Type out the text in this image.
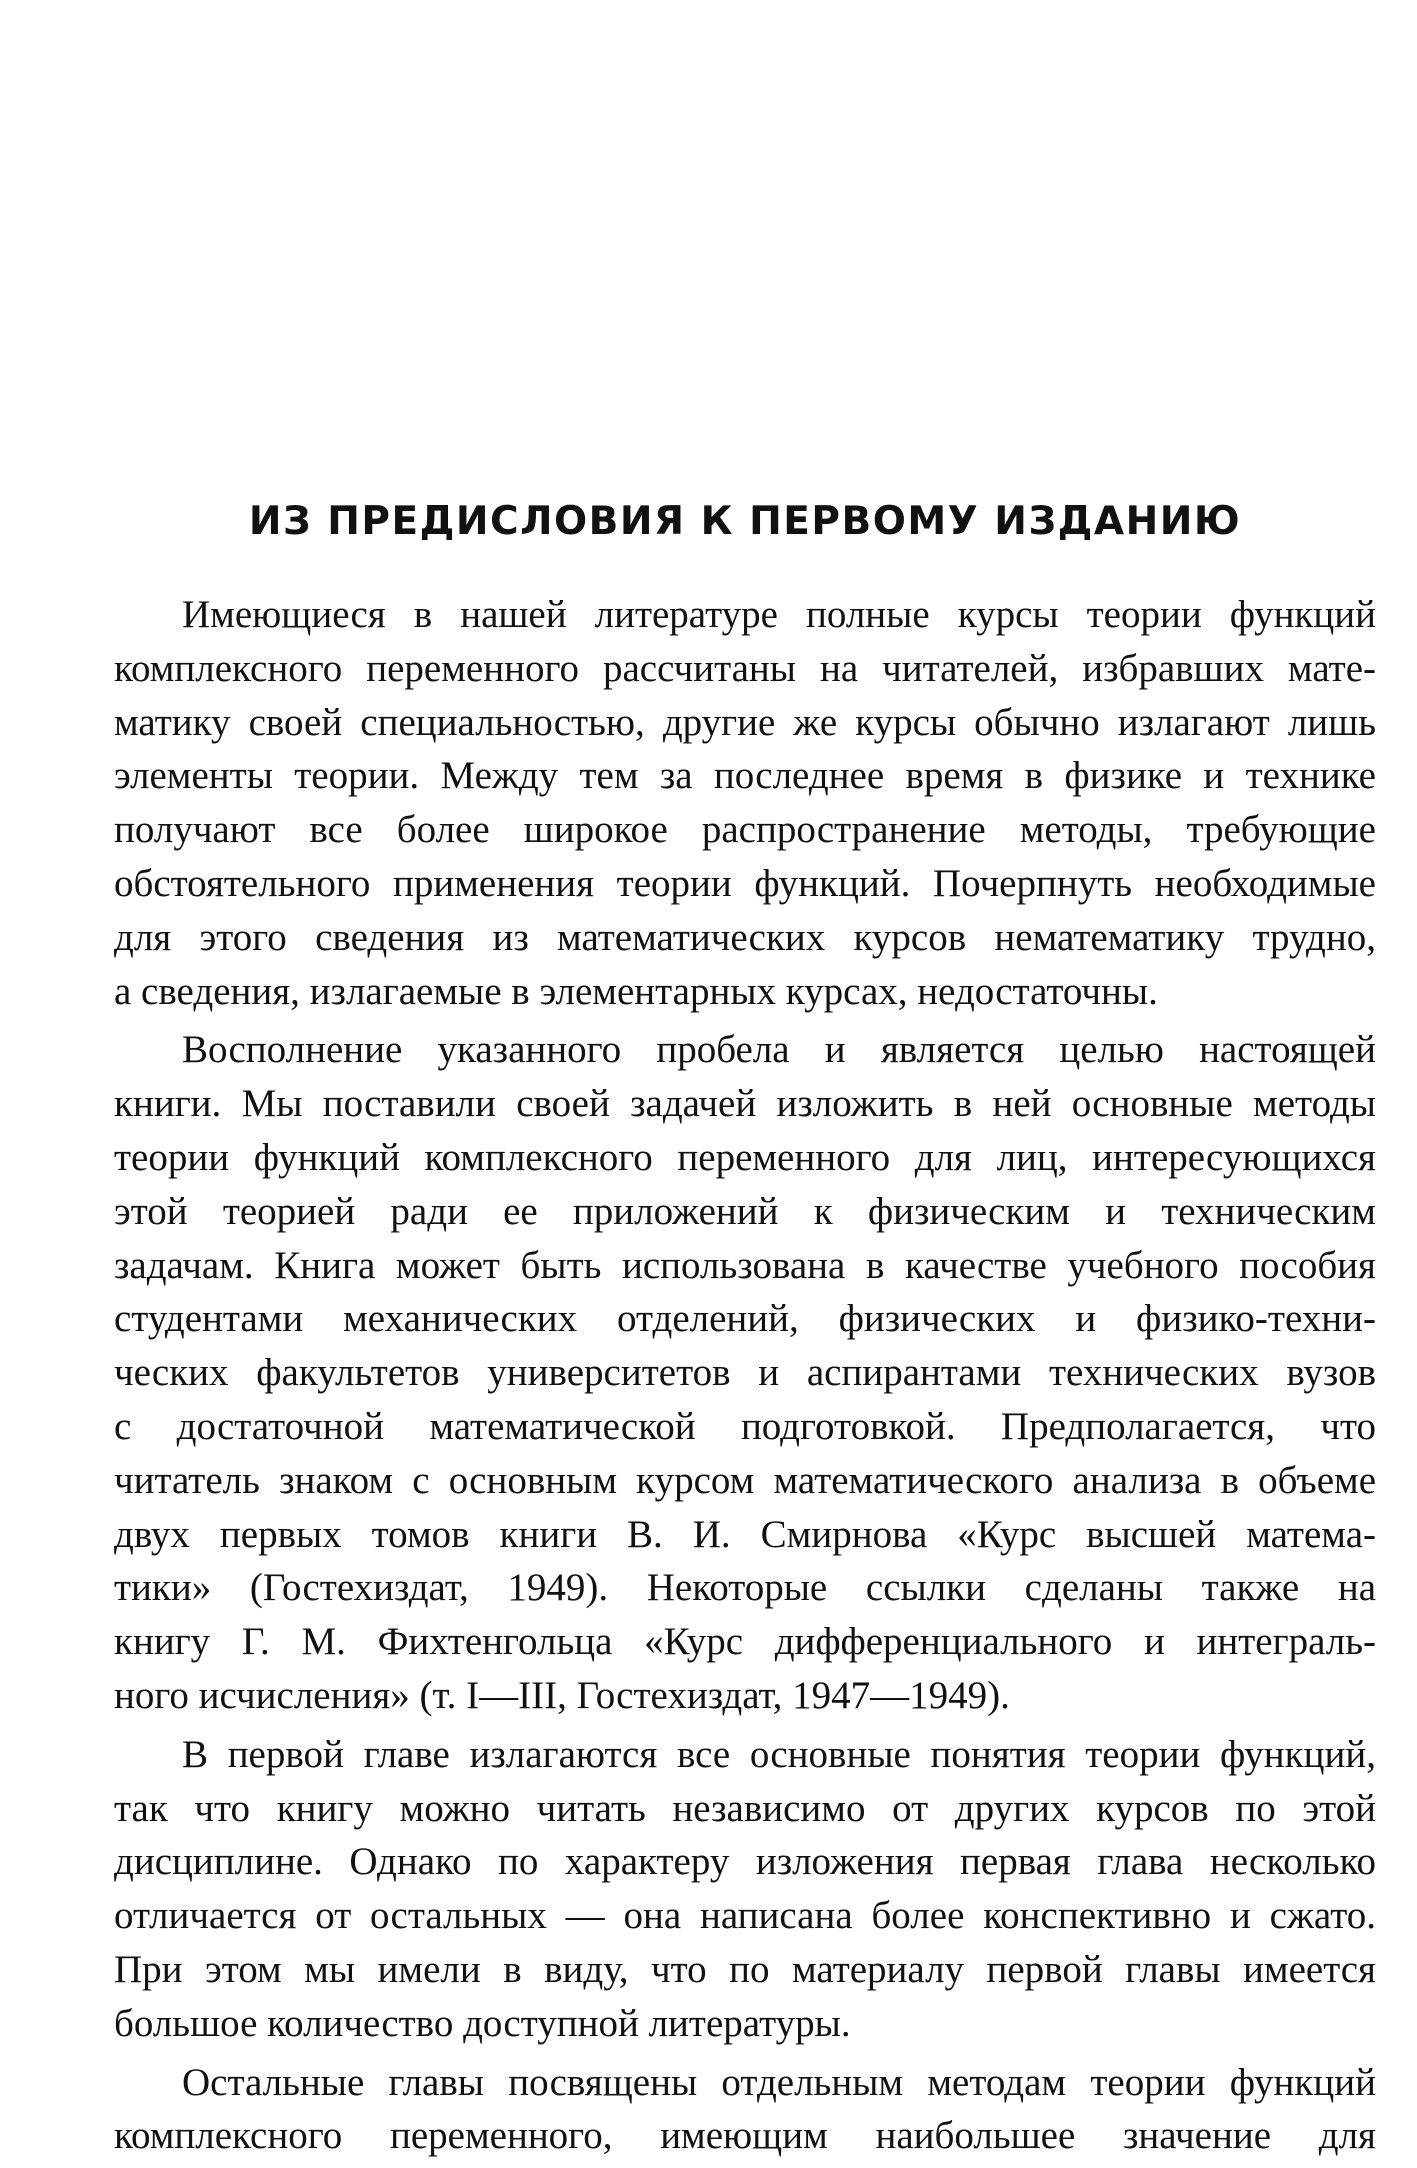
ИЗ ПРЕДИСЛОВИЯ К ПЕРВОМУ ИЗДАНИЮ
Имеющиеся в нашей литературе полные курсы теории функций
комплексного переменного рассчитаны на читателей, избравших мате-
матику своей специальностью, другие же курсы обычно излагают лишь
элементы теории. Между тем за последнее время в физике и технике
получают все более широкое распространение методы, требующие
обстоятельного применения теории функций. Почерпнуть необходимые
для этого сведения из математических курсов нематематику трудно,
а сведения, излагаемые в элементарных курсах, недостаточны.
Восполнение указанного пробела и является целью настоящей
книги. Мы поставили своей задачей изложить в ней основные методы
теории функций комплексного переменного для лиц, интересующихся
этой теорией ради ее приложений к физическим и техническим
задачам. Книга может быть использована в качестве учебного пособия
студентами механических отделений, физических и физико-техни-
ческих факультетов университетов и аспирантами технических вузов
с достаточной математической подготовкой. Предполагается, что
читатель знаком с основным курсом математического анализа в объеме
двух первых томов книги В. И. Смирнова «Курс высшей матема-
тики» (Гостехиздат, 1949). Некоторые ссылки сделаны также на
книгу Г. М. Фихтенгольца «Курс дифференциального и интеграль-
ного исчисления» (т. I—III, Гостехиздат, 1947—1949).
В первой главе излагаются все основные понятия теории функций,
так что книгу можно читать независимо от других курсов по этой
дисциплине. Однако по характеру изложения первая глава несколько
отличается от остальных — она написана более конспективно и сжато.
При этом мы имели в виду, что по материалу первой главы имеется
большое количество доступной литературы.
Остальные главы посвящены отдельным методам теории функций
комплексного переменного, имеющим наибольшее значение для
